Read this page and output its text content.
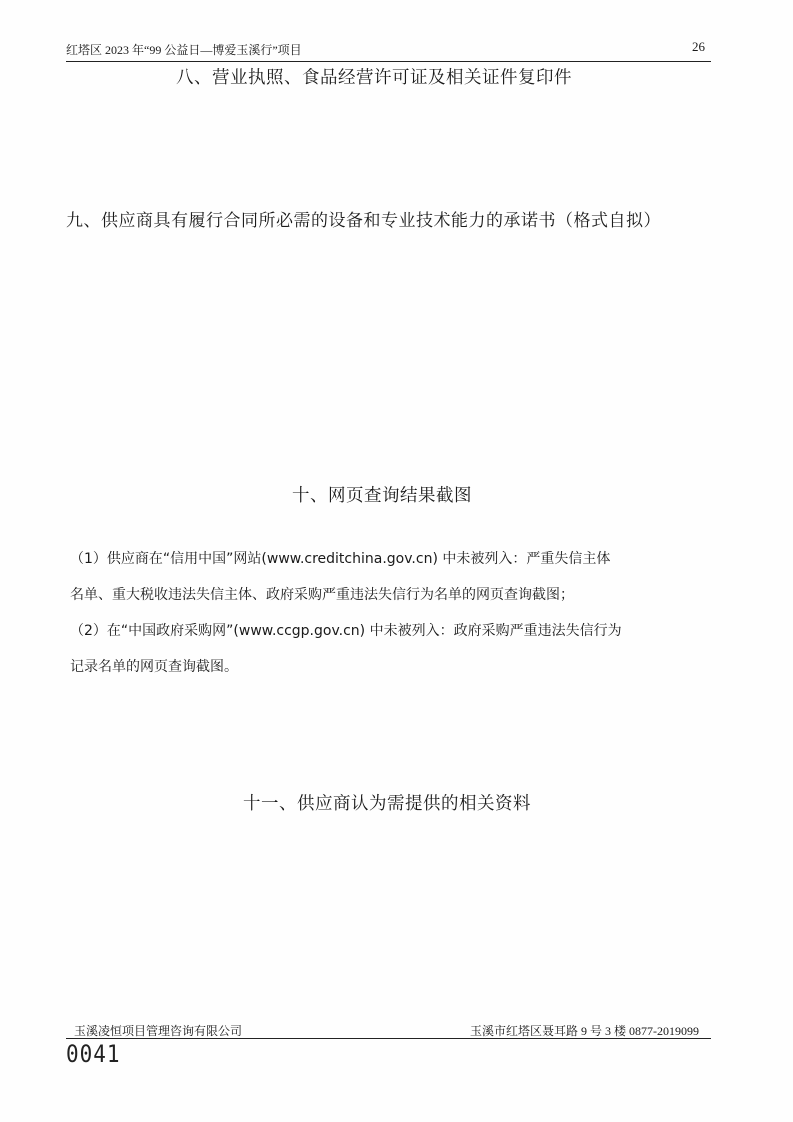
红塔区 2023 年“99 公益日—博爱玉溪行”项目	26
八、营业执照、食品经营许可证及相关证件复印件
九、供应商具有履行合同所必需的设备和专业技术能力的承诺书（格式自拟）
十、网页查询结果截图
（1）供应商在“信用中国”网站(www.creditchina.gov.cn) 中未被列入：严重失信主体
名单、重大税收违法失信主体、政府采购严重违法失信行为名单的网页查询截图；
（2）在“中国政府采购网”(www.ccgp.gov.cn) 中未被列入：政府采购严重违法失信行为
记录名单的网页查询截图。
十一、供应商认为需提供的相关资料
玉溪凌恒项目管理咨询有限公司	玉溪市红塔区聂耳路 9 号 3 楼 0877-2019099
0041
